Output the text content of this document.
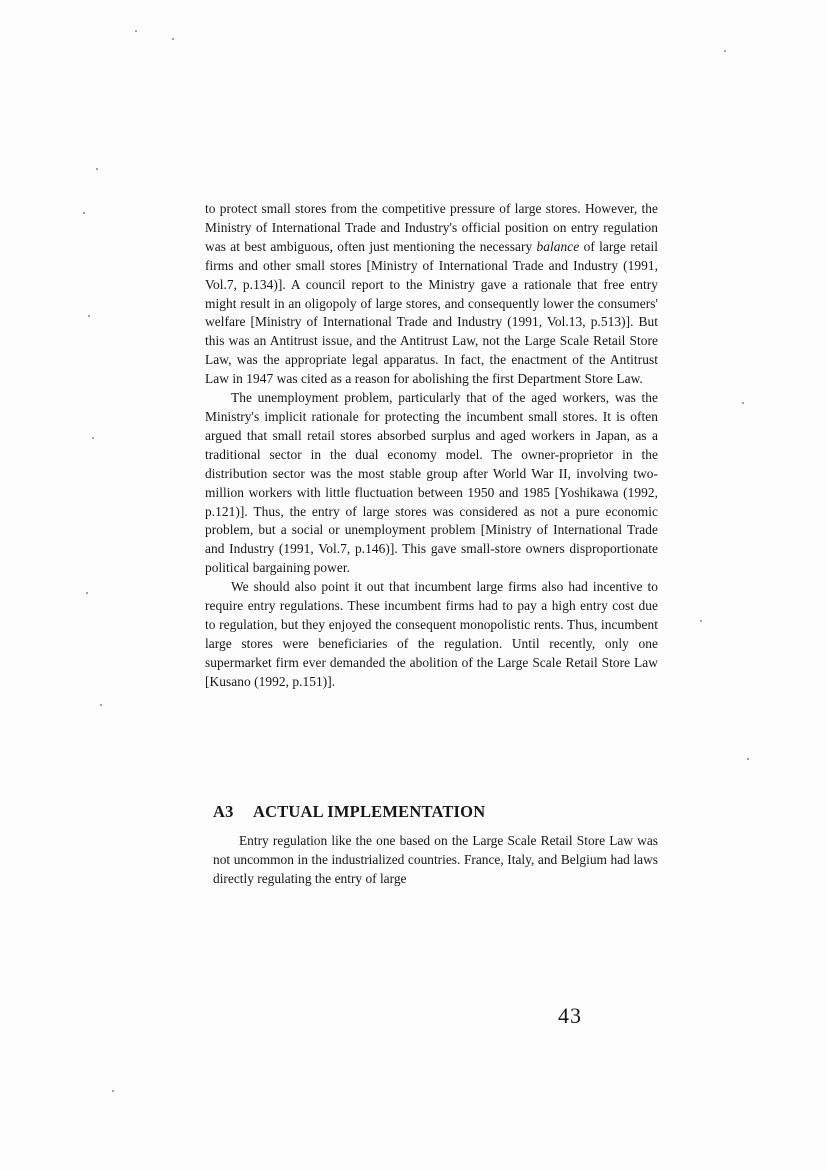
to protect small stores from the competitive pressure of large stores. However, the Ministry of International Trade and Industry's official position on entry regulation was at best ambiguous, often just mentioning the necessary balance of large retail firms and other small stores [Ministry of International Trade and Industry (1991, Vol.7, p.134)]. A council report to the Ministry gave a rationale that free entry might result in an oligopoly of large stores, and consequently lower the consumers' welfare [Ministry of International Trade and Industry (1991, Vol.13, p.513)]. But this was an Antitrust issue, and the Antitrust Law, not the Large Scale Retail Store Law, was the appropriate legal apparatus. In fact, the enactment of the Antitrust Law in 1947 was cited as a reason for abolishing the first Department Store Law.

The unemployment problem, particularly that of the aged workers, was the Ministry's implicit rationale for protecting the incumbent small stores. It is often argued that small retail stores absorbed surplus and aged workers in Japan, as a traditional sector in the dual economy model. The owner-proprietor in the distribution sector was the most stable group after World War II, involving two-million workers with little fluctuation between 1950 and 1985 [Yoshikawa (1992, p.121)]. Thus, the entry of large stores was considered as not a pure economic problem, but a social or unemployment problem [Ministry of International Trade and Industry (1991, Vol.7, p.146)]. This gave small-store owners disproportionate political bargaining power.

We should also point it out that incumbent large firms also had incentive to require entry regulations. These incumbent firms had to pay a high entry cost due to regulation, but they enjoyed the consequent monopolistic rents. Thus, incumbent large stores were beneficiaries of the regulation. Until recently, only one supermarket firm ever demanded the abolition of the Large Scale Retail Store Law [Kusano (1992, p.151)].

A3 ACTUAL IMPLEMENTATION

Entry regulation like the one based on the Large Scale Retail Store Law was not uncommon in the industrialized countries. France, Italy, and Belgium had laws directly regulating the entry of large

43
